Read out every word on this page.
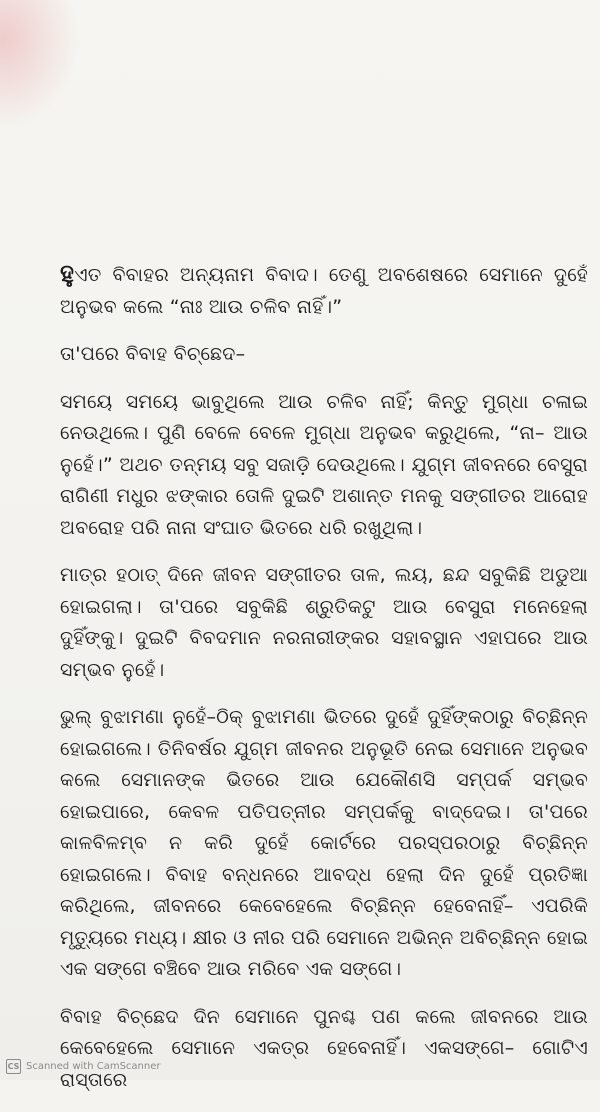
ହୁଏତ ବିବାହର ଅନ୍ୟନାମ ବିବାଦ। ତେଣୁ ଅବଶେଷରେ ସେମାନେ ଦୁହେଁ ଅନୁଭବ କଲେ “ନାଃ ଆଉ ଚଳିବ ନାହିଁ।”

ତା'ପରେ ବିବାହ ବିଚ୍ଛେଦ–

ସମୟେ ସମୟେ ଭାବୁଥିଲେ ଆଉ ଚଳିବ ନାହିଁ; କିନ୍ତୁ ମୁଗ୍ଧା ଚଳାଇ ନେଉଥିଲେ। ପୁଣି ବେଳେ ବେଳେ ମୁଗ୍ଧା ଅନୁଭବ କରୁଥିଲେ, “ନା– ଆଉ ନୁହେଁ।” ଅଥଚ ତନ୍ମୟ ସବୁ ସଜାଡ଼ି ଦେଉଥିଲେ। ଯୁଗ୍ମ ଜୀବନରେ ବେସୁରା ରାଗିଣୀ ମଧୁର ଝଙ୍କାର ତୋଳି ଦୁଇଟି ଅଶାନ୍ତ ମନକୁ ସଙ୍ଗୀତର ଆରୋହ ଅବରୋହ ପରି ନାନା ସଂଘାତ ଭିତରେ ଧରି ରଖୁଥିଲା।

ମାତ୍ର ହଠାତ୍ ଦିନେ ଜୀବନ ସଙ୍ଗୀତର ତାଳ, ଲୟ, ଛନ୍ଦ ସବୁକିଛି ଅଡୁଆ ହୋଇଗଲା। ତା'ପରେ ସବୁକିଛି ଶ୍ରୁତିକଟୁ ଆଉ ବେସୁରା ମନେହେଲା ଦୁହିଁଙ୍କୁ। ଦୁଇଟି ବିବଦମାନ ନରନାରୀଙ୍କର ସହାବସ୍ଥାନ ଏହାପରେ ଆଉ ସମ୍ଭବ ନୁହେଁ।

ଭୁଲ୍ ବୁଝାମଣା ନୁହେଁ–ଠିକ୍ ବୁଝାମଣା ଭିତରେ ଦୁହେଁ ଦୁହିଁଙ୍କଠାରୁ ବିଚ୍ଛିନ୍ନ ହୋଇଗଲେ। ତିନିବର୍ଷର ଯୁଗ୍ମ ଜୀବନର ଅନୁଭୂତି ନେଇ ସେମାନେ ଅନୁଭବ କଲେ ସେମାନଙ୍କ ଭିତରେ ଆଉ ଯେକୌଣସି ସମ୍ପର୍କ ସମ୍ଭବ ହୋଇପାରେ, କେବଳ ପତିପତ୍ନୀର ସମ୍ପର୍କକୁ ବାଦ୍‌ଦେଇ। ତା'ପରେ କାଳବିଳମ୍ବ ନ କରି ଦୁହେଁ କୋର୍ଟରେ ପରସ୍ପରଠାରୁ ବିଚ୍ଛିନ୍ନ ହୋଇଗଲେ। ବିବାହ ବନ୍ଧନରେ ଆବଦ୍ଧ ହେଲା ଦିନ ଦୁହେଁ ପ୍ରତିଜ୍ଞା କରିଥିଲେ, ଜୀବନରେ କେବେହେଲେ ବିଚ୍ଛିନ୍ନ ହେବେନାହିଁ– ଏପରିକି ମୃତ୍ୟୁରେ ମଧ୍ୟ। କ୍ଷୀର ଓ ନୀର ପରି ସେମାନେ ଅଭିନ୍ନ ଅବିଚ୍ଛିନ୍ନ ହୋଇ ଏକ ସଙ୍ଗେ ବଞ୍ଚିବେ ଆଉ ମରିବେ ଏକ ସଙ୍ଗେ।

ବିବାହ ବିଚ୍ଛେଦ ଦିନ ସେମାନେ ପୁନଶ୍ଚ ପଣ କଲେ ଜୀବନରେ ଆଉ କେବେହେଲେ ସେମାନେ ଏକତ୍ର ହେବେନାହିଁ। ଏକସଙ୍ଗେ– ଗୋଟିଏ ରାସ୍ତାରେ

CS Scanned with CamScanner
